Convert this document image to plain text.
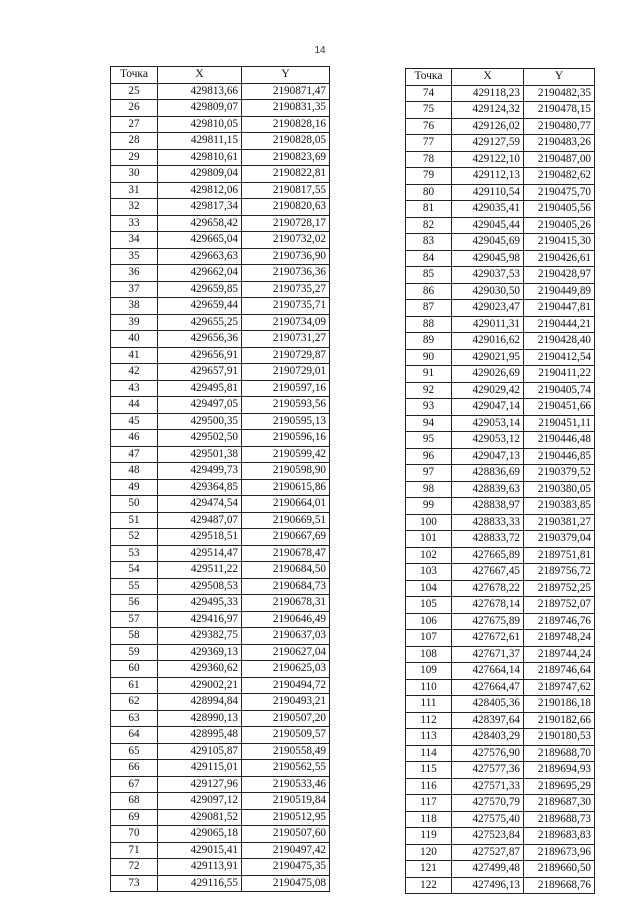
14
Точка	X	Y
25	429813,66	2190871,47
26	429809,07	2190831,35
27	429810,05	2190828,16
28	429811,15	2190828,05
29	429810,61	2190823,69
30	429809,04	2190822,81
31	429812,06	2190817,55
32	429817,34	2190820,63
33	429658,42	2190728,17
34	429665,04	2190732,02
35	429663,63	2190736,90
36	429662,04	2190736,36
37	429659,85	2190735,27
38	429659,44	2190735,71
39	429655,25	2190734,09
40	429656,36	2190731,27
41	429656,91	2190729,87
42	429657,91	2190729,01
43	429495,81	2190597,16
44	429497,05	2190593,56
45	429500,35	2190595,13
46	429502,50	2190596,16
47	429501,38	2190599,42
48	429499,73	2190598,90
49	429364,85	2190615,86
50	429474,54	2190664,01
51	429487,07	2190669,51
52	429518,51	2190667,69
53	429514,47	2190678,47
54	429511,22	2190684,50
55	429508,53	2190684,73
56	429495,33	2190678,31
57	429416,97	2190646,49
58	429382,75	2190637,03
59	429369,13	2190627,04
60	429360,62	2190625,03
61	429002,21	2190494,72
62	428994,84	2190493,21
63	428990,13	2190507,20
64	428995,48	2190509,57
65	429105,87	2190558,49
66	429115,01	2190562,55
67	429127,96	2190533,46
68	429097,12	2190519,84
69	429081,52	2190512,95
70	429065,18	2190507,60
71	429015,41	2190497,42
72	429113,91	2190475,35
73	429116,55	2190475,08
Точка	X	Y
74	429118,23	2190482,35
75	429124,32	2190478,15
76	429126,02	2190480,77
77	429127,59	2190483,26
78	429122,10	2190487,00
79	429112,13	2190482,62
80	429110,54	2190475,70
81	429035,41	2190405,56
82	429045,44	2190405,26
83	429045,69	2190415,30
84	429045,98	2190426,61
85	429037,53	2190428,97
86	429030,50	2190449,89
87	429023,47	2190447,81
88	429011,31	2190444,21
89	429016,62	2190428,40
90	429021,95	2190412,54
91	429026,69	2190411,22
92	429029,42	2190405,74
93	429047,14	2190451,66
94	429053,14	2190451,11
95	429053,12	2190446,48
96	429047,13	2190446,85
97	428836,69	2190379,52
98	428839,63	2190380,05
99	428838,97	2190383,85
100	428833,33	2190381,27
101	428833,72	2190379,04
102	427665,89	2189751,81
103	427667,45	2189756,72
104	427678,22	2189752,25
105	427678,14	2189752,07
106	427675,89	2189746,76
107	427672,61	2189748,24
108	427671,37	2189744,24
109	427664,14	2189746,64
110	427664,47	2189747,62
111	428405,36	2190186,18
112	428397,64	2190182,66
113	428403,29	2190180,53
114	427576,90	2189688,70
115	427577,36	2189694,93
116	427571,33	2189695,29
117	427570,79	2189687,30
118	427575,40	2189688,73
119	427523,84	2189683,83
120	427527,87	2189673,96
121	427499,48	2189660,50
122	427496,13	2189668,76
